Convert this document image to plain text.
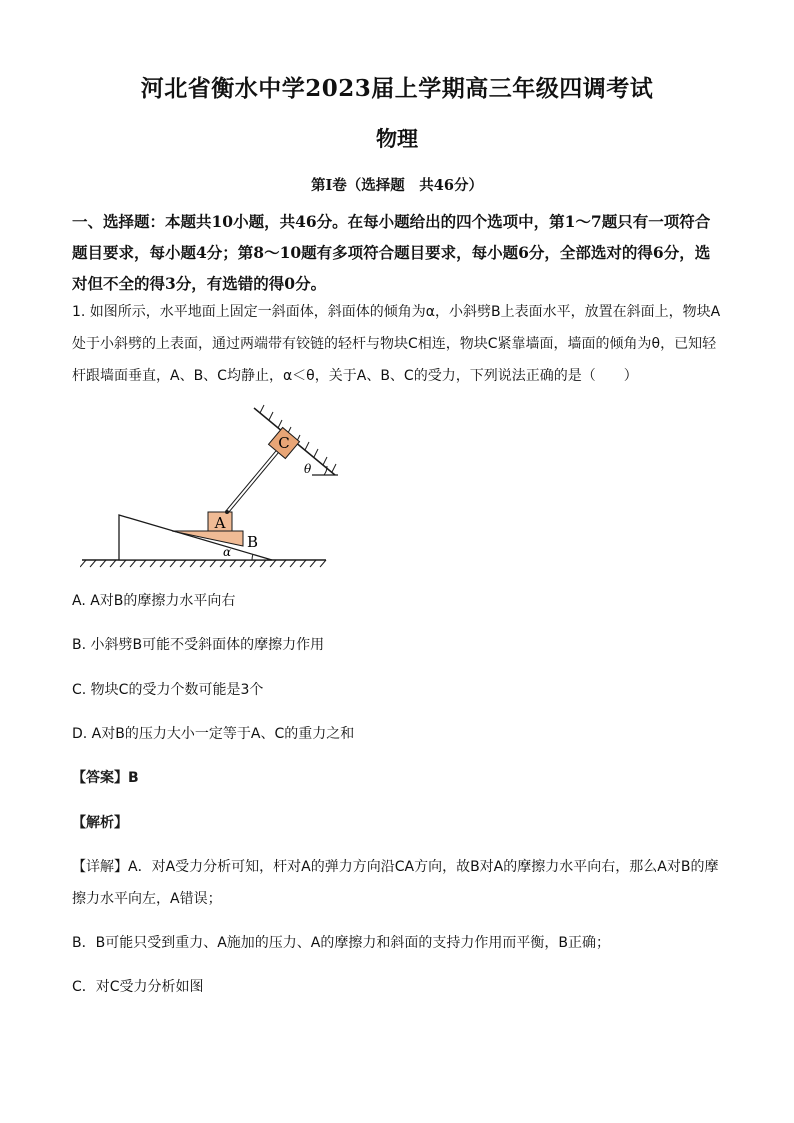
河北省衡水中学2023届上学期高三年级四调考试
物理
第Ⅰ卷（选择题　共46分）
一、选择题：本题共10小题，共46分。在每小题给出的四个选项中，第1～7题只有一项符合题目要求，每小题4分；第8～10题有多项符合题目要求，每小题6分，全部选对的得6分，选对但不全的得3分，有选错的得0分。
1. 如图所示，水平地面上固定一斜面体，斜面体的倾角为α，小斜劈B上表面水平，放置在斜面上，物块A处于小斜劈的上表面，通过两端带有铰链的轻杆与物块C相连，物块C紧靠墙面，墙面的倾角为θ，已知轻杆跟墙面垂直，A、B、C均静止，α＜θ，关于A、B、C的受力，下列说法正确的是（　　）
C
A
B
θ
α
A. A对B的摩擦力水平向右
B. 小斜劈B可能不受斜面体的摩擦力作用
C. 物块C的受力个数可能是3个
D. A对B的压力大小一定等于A、C的重力之和
【答案】B
【解析】
【详解】A．对A受力分析可知，杆对A的弹力方向沿CA方向，故B对A的摩擦力水平向右，那么A对B的摩擦力水平向左，A错误；
B．B可能只受到重力、A施加的压力、A的摩擦力和斜面的支持力作用而平衡，B正确；
C．对C受力分析如图
